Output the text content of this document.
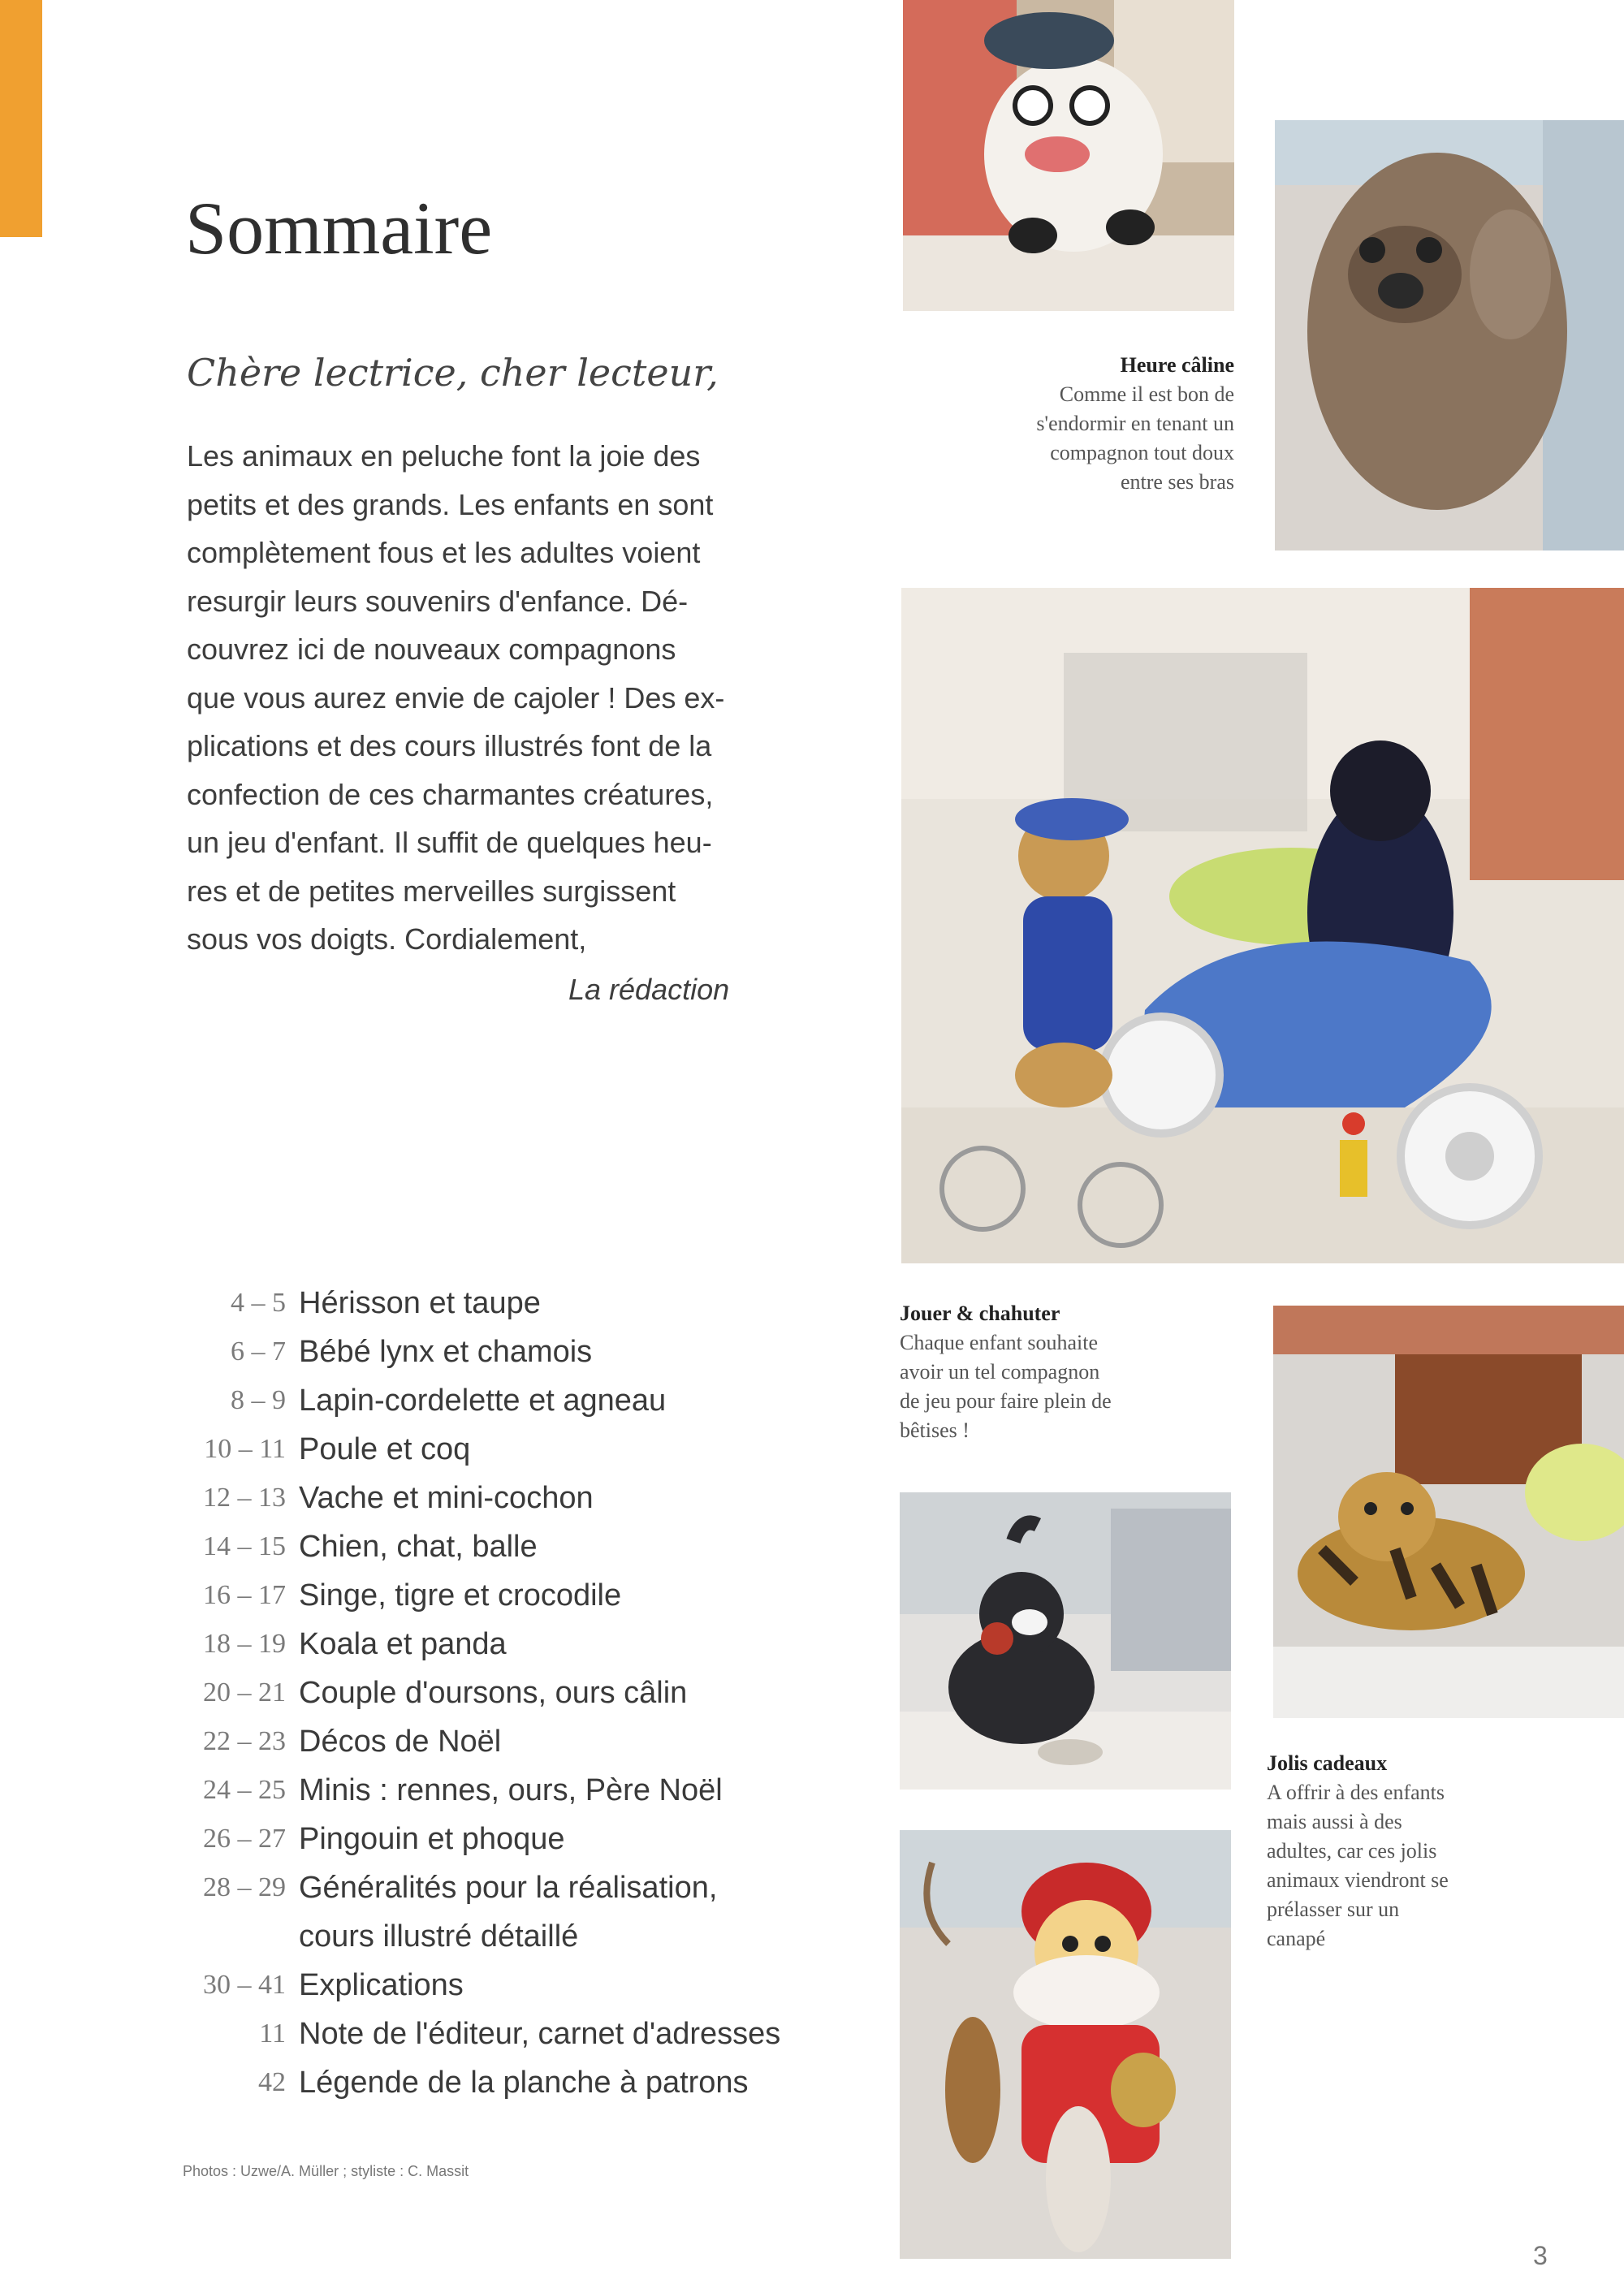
Sommaire
Chère lectrice, cher lecteur,
Les animaux en peluche font la joie des
petits et des grands. Les enfants en sont
complètement fous et les adultes voient
resurgir leurs souvenirs d'enfance. Dé-
couvrez ici de nouveaux compagnons
que vous aurez envie de cajoler ! Des ex-
plications et des cours illustrés font de la
confection de ces charmantes créatures,
un jeu d'enfant. Il suffit de quelques heu-
res et de petites merveilles surgissent
sous vos doigts. Cordialement,
La rédaction
4 – 5 Hérisson et taupe
6 – 7 Bébé lynx et chamois
8 – 9 Lapin-cordelette et agneau
10 – 11 Poule et coq
12 – 13 Vache et mini-cochon
14 – 15 Chien, chat, balle
16 – 17 Singe, tigre et crocodile
18 – 19 Koala et panda
20 – 21 Couple d'oursons, ours câlin
22 – 23 Décos de Noël
24 – 25 Minis : rennes, ours, Père Noël
26 – 27 Pingouin et phoque
28 – 29 Généralités pour la réalisation,
cours illustré détaillé
30 – 41 Explications
11 Note de l'éditeur, carnet d'adresses
42 Légende de la planche à patrons
Photos : Uzwe/A. Müller ; styliste : C. Massit
3
Heure câline
Comme il est bon de
s'endormir en tenant un
compagnon tout doux
entre ses bras
Jouer & chahuter
Chaque enfant souhaite
avoir un tel compagnon
de jeu pour faire plein de
bêtises !
Jolis cadeaux
A offrir à des enfants
mais aussi à des
adultes, car ces jolis
animaux viendront se
prélasser sur un
canapé
